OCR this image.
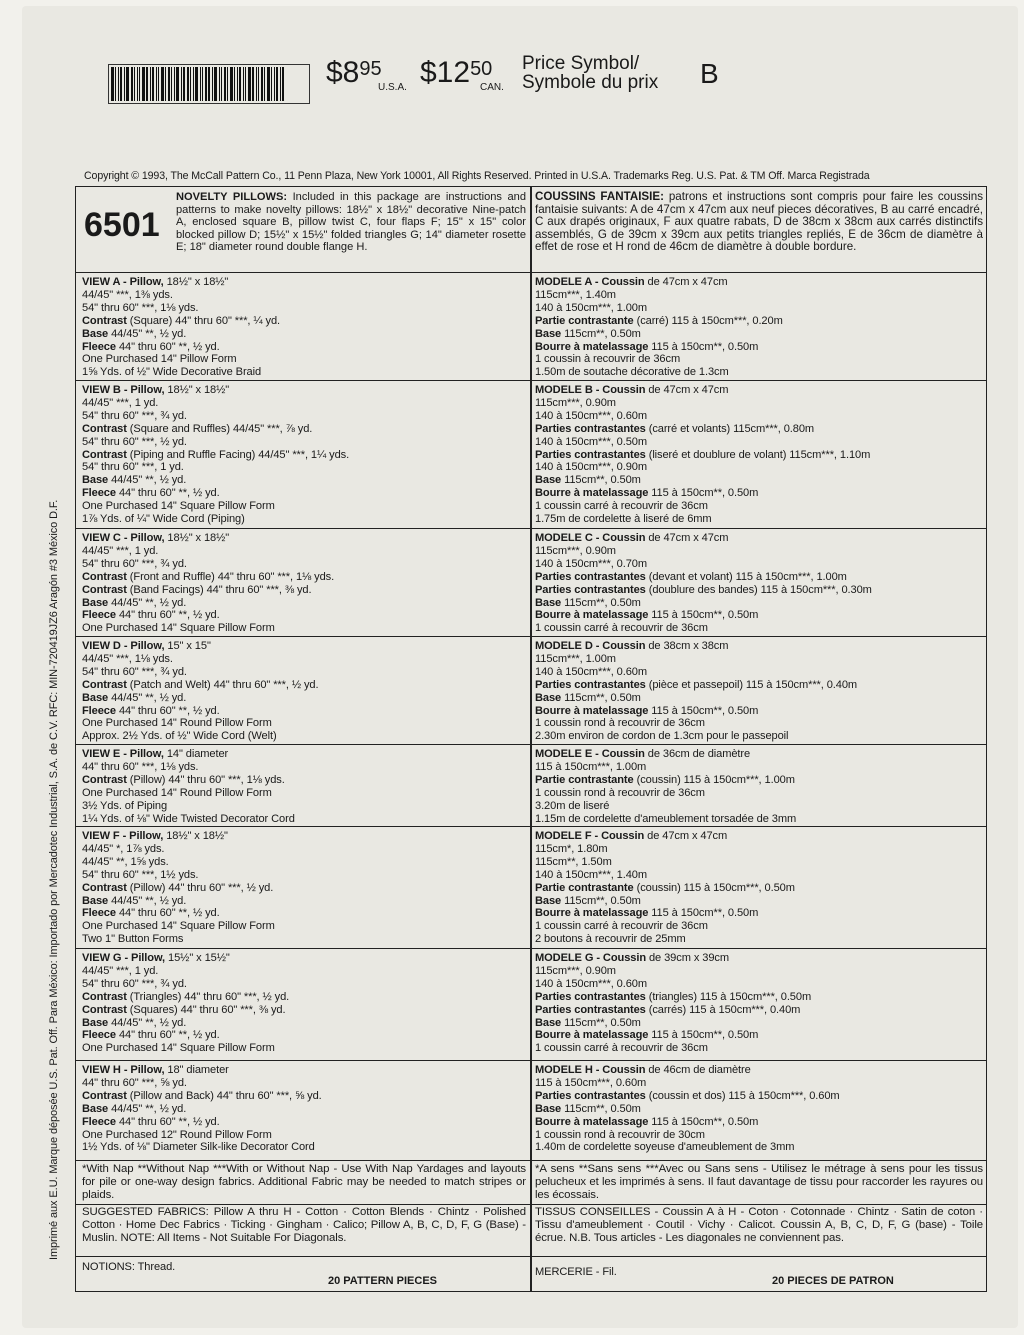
$\$8^{95}$
U.S.A. $\$12^{50}$
CAN.
Price Symbol/
Symbole du prix B
Copyright © 1993, The McCall Pattern Co., 11 Penn Plaza, New York 10001, All Rights Reserved. Printed in U.S.A. Trademarks Reg. U.S. Pat. & TM Off. Marca Registrada
Imprimé aux E.U. Marque déposée U.S. Pat. Off. Para México: Importado por Mercadotec Industrial, S.A. de C.V. RFC: MIN-720419JZ6 Aragón #3 México D.F.
6501
NOVELTY PILLOWS: Included in this package are instructions and patterns to make novelty pillows: 18½" x 18½" decorative Nine-patch A, enclosed square B, pillow twist C, four flaps F; 15" x 15" color blocked pillow D; 15½" x 15½" folded triangles G; 14" diameter rosette E; 18" diameter round double flange H.
COUSSINS FANTAISIE: patrons et instructions sont compris pour faire les coussins fantaisie suivants: A de 47cm x 47cm aux neuf pieces décoratives, B au carré encadré, C aux drapés originaux, F aux quatre rabats, D de 38cm x 38cm aux carrés distinctifs assemblés, G de 39cm x 39cm aux petits triangles repliés, E de 36cm de diamètre à effet de rose et H rond de 46cm de diamètre à double bordure.
VIEW A - Pillow, 18½" x 18½"
44/45" ***, 1⅜ yds.
54" thru 60" ***, 1⅛ yds.
Contrast (Square) 44" thru 60" ***, ¼ yd.
Base 44/45" **, ½ yd.
Fleece 44" thru 60" **, ½ yd.
One Purchased 14" Pillow Form
1⅝ Yds. of ½" Wide Decorative Braid
VIEW B - Pillow, 18½" x 18½"
44/45" ***, 1 yd.
54" thru 60" ***, ¾ yd.
Contrast (Square and Ruffles) 44/45" ***, ⅞ yd.
54" thru 60" ***, ½ yd.
Contrast (Piping and Ruffle Facing) 44/45" ***, 1¼ yds.
54" thru 60" ***, 1 yd.
Base 44/45" **, ½ yd.
Fleece 44" thru 60" **, ½ yd.
One Purchased 14" Square Pillow Form
1⅞ Yds. of ¼" Wide Cord (Piping)
VIEW C - Pillow, 18½" x 18½"
44/45" ***, 1 yd.
54" thru 60" ***, ¾ yd.
Contrast (Front and Ruffle) 44" thru 60" ***, 1⅛ yds.
Contrast (Band Facings) 44" thru 60" ***, ⅜ yd.
Base 44/45" **, ½ yd.
Fleece 44" thru 60" **, ½ yd.
One Purchased 14" Square Pillow Form
VIEW D - Pillow, 15" x 15"
44/45" ***, 1⅛ yds.
54" thru 60" ***, ¾ yd.
Contrast (Patch and Welt) 44" thru 60" ***, ½ yd.
Base 44/45" **, ½ yd.
Fleece 44" thru 60" **, ½ yd.
One Purchased 14" Round Pillow Form
Approx. 2½ Yds. of ½" Wide Cord (Welt)
VIEW E - Pillow, 14" diameter
44" thru 60" ***, 1⅛ yds.
Contrast (Pillow) 44" thru 60" ***, 1⅛ yds.
One Purchased 14" Round Pillow Form
3½ Yds. of Piping
1¼ Yds. of ⅛" Wide Twisted Decorator Cord
VIEW F - Pillow, 18½" x 18½"
44/45" *, 1⅞ yds.
44/45" **, 1⅝ yds.
54" thru 60" ***, 1½ yds.
Contrast (Pillow) 44" thru 60" ***, ½ yd.
Base 44/45" **, ½ yd.
Fleece 44" thru 60" **, ½ yd.
One Purchased 14" Square Pillow Form
Two 1" Button Forms
VIEW G - Pillow, 15½" x 15½"
44/45" ***, 1 yd.
54" thru 60" ***, ¾ yd.
Contrast (Triangles) 44" thru 60" ***, ½ yd.
Contrast (Squares) 44" thru 60" ***, ⅜ yd.
Base 44/45" **, ½ yd.
Fleece 44" thru 60" **, ½ yd.
One Purchased 14" Square Pillow Form
VIEW H - Pillow, 18" diameter
44" thru 60" ***, ⅝ yd.
Contrast (Pillow and Back) 44" thru 60" ***, ⅝ yd.
Base 44/45" **, ½ yd.
Fleece 44" thru 60" **, ½ yd.
One Purchased 12" Round Pillow Form
1½ Yds. of ⅛" Diameter Silk-like Decorator Cord
MODELE A - Coussin de 47cm x 47cm
115cm***, 1.40m
140 à 150cm***, 1.00m
Partie contrastante (carré) 115 à 150cm***, 0.20m
Base 115cm**, 0.50m
Bourre à matelassage 115 à 150cm**, 0.50m
1 coussin à recouvrir de 36cm
1.50m de soutache décorative de 1.3cm
MODELE B - Coussin de 47cm x 47cm
115cm***, 0.90m
140 à 150cm***, 0.60m
Parties contrastantes (carré et volants) 115cm***, 0.80m
140 à 150cm***, 0.50m
Parties contrastantes (liseré et doublure de volant) 115cm***, 1.10m
140 à 150cm***, 0.90m
Base 115cm**, 0.50m
Bourre à matelassage 115 à 150cm**, 0.50m
1 coussin carré à recouvrir de 36cm
1.75m de cordelette à liseré de 6mm
MODELE C - Coussin de 47cm x 47cm
115cm***, 0.90m
140 à 150cm***, 0.70m
Parties contrastantes (devant et volant) 115 à 150cm***, 1.00m
Parties contrastantes (doublure des bandes) 115 à 150cm***, 0.30m
Base 115cm**, 0.50m
Bourre à matelassage 115 à 150cm**, 0.50m
1 coussin carré à recouvrir de 36cm
MODELE D - Coussin de 38cm x 38cm
115cm***, 1.00m
140 à 150cm***, 0.60m
Parties contrastantes (pièce et passepoil) 115 à 150cm***, 0.40m
Base 115cm**, 0.50m
Bourre à matelassage 115 à 150cm**, 0.50m
1 coussin rond à recouvrir de 36cm
2.30m environ de cordon de 1.3cm pour le passepoil
MODELE E - Coussin de 36cm de diamètre
115 à 150cm***, 1.00m
Partie contrastante (coussin) 115 à 150cm***, 1.00m
1 coussin rond à recouvrir de 36cm
3.20m de liseré
1.15m de cordelette d'ameublement torsadée de 3mm
MODELE F - Coussin de 47cm x 47cm
115cm*, 1.80m
115cm**, 1.50m
140 à 150cm***, 1.40m
Partie contrastante (coussin) 115 à 150cm***, 0.50m
Base 115cm**, 0.50m
Bourre à matelassage 115 à 150cm**, 0.50m
1 coussin carré à recouvrir de 36cm
2 boutons à recouvrir de 25mm
MODELE G - Coussin de 39cm x 39cm
115cm***, 0.90m
140 à 150cm***, 0.60m
Parties contrastantes (triangles) 115 à 150cm***, 0.50m
Parties contrastantes (carrés) 115 à 150cm***, 0.40m
Base 115cm**, 0.50m
Bourre à matelassage 115 à 150cm**, 0.50m
1 coussin carré à recouvrir de 36cm
MODELE H - Coussin de 46cm de diamètre
115 à 150cm***, 0.60m
Parties contrastantes (coussin et dos) 115 à 150cm***, 0.60m
Base 115cm**, 0.50m
Bourre à matelassage 115 à 150cm**, 0.50m
1 coussin rond à recouvrir de 30cm
1.40m de cordelette soyeuse d'ameublement de 3mm
*With Nap **Without Nap ***With or Without Nap - Use With Nap Yardages and layouts for pile or one-way design fabrics. Additional Fabric may be needed to match stripes or plaids.
*A sens **Sans sens ***Avec ou Sans sens - Utilisez le métrage à sens pour les tissus pelucheux et les imprimés à sens. Il faut davantage de tissu pour raccorder les rayures ou les écossais.
SUGGESTED FABRICS: Pillow A thru H - Cotton · Cotton Blends · Chintz · Polished Cotton · Home Dec Fabrics · Ticking · Gingham · Calico; Pillow A, B, C, D, F, G (Base) - Muslin. NOTE: All Items - Not Suitable For Diagonals.
TISSUS CONSEILLES - Coussin A à H - Coton · Cotonnade · Chintz · Satin de coton · Tissu d'ameublement · Coutil · Vichy · Calicot. Coussin A, B, C, D, F, G (base) - Toile écrue. N.B. Tous articles - Les diagonales ne conviennent pas.
NOTIONS: Thread.	MERCERIE - Fil.
20 PATTERN PIECES	20 PIECES DE PATRON
